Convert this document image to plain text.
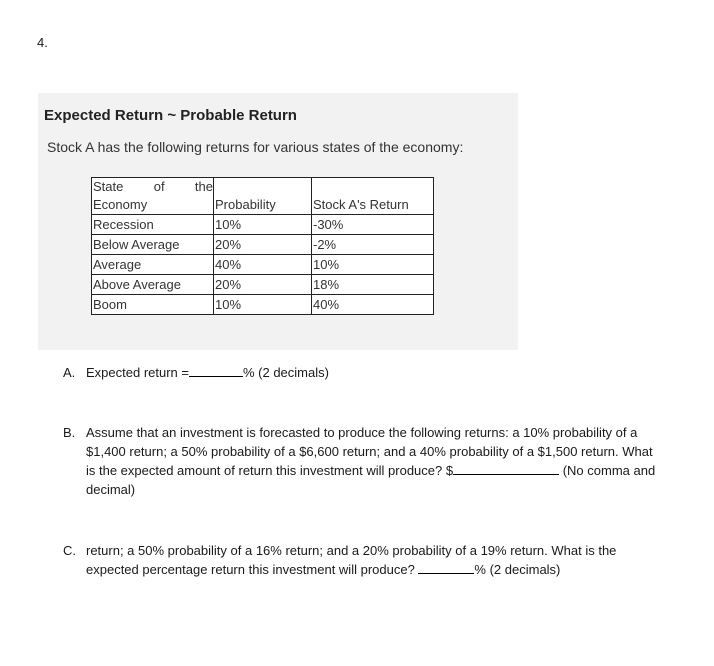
4.
Expected Return ~ Probable Return
Stock A has the following returns for various states of the economy:
State of the
Economy	Probability	Stock A's Return
Recession	10%	-30%
Below Average	20%	-2%
Average	40%	10%
Above Average	20%	18%
Boom	10%	40%
A. Expected return =	% (2 decimals)
B. Assume that an investment is forecasted to produce the following returns: a 10% probability of a $1,400 return; a 50% probability of a $6,600 return; and a 40% probability of a $1,500 return. What is the expected amount of return this investment will produce? $	(No comma and decimal)
C. return; a 50% probability of a 16% return; and a 20% probability of a 19% return. What is the expected percentage return this investment will produce?	% (2 decimals)
